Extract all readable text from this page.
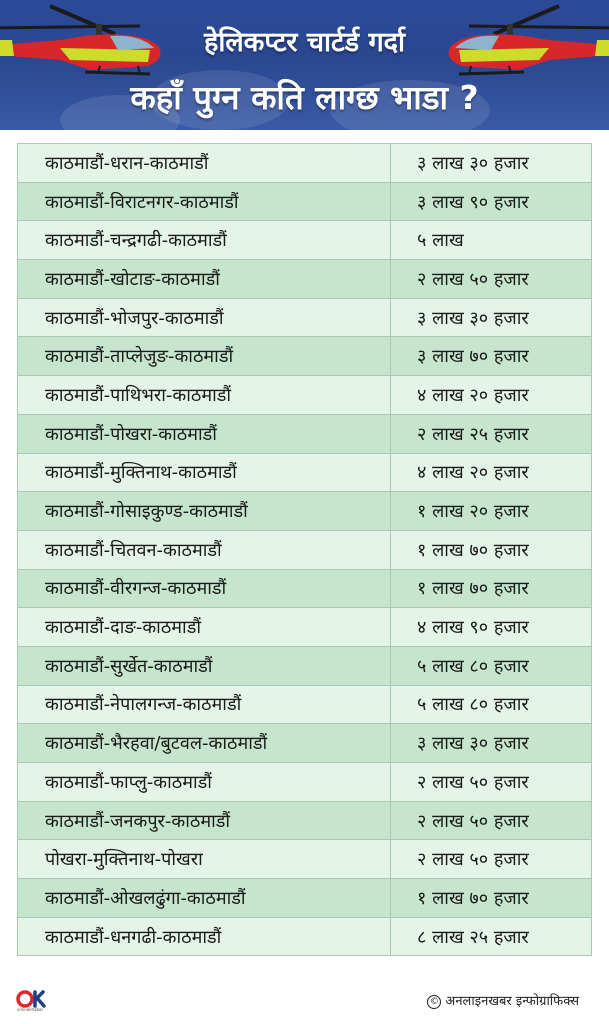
हेलिकप्टर चार्टर्ड गर्दा
कहाँ पुग्न कति लाग्छ भाडा ?
काठमाडौं-धरान-काठमाडौं	३ लाख ३० हजार
काठमाडौं-विराटनगर-काठमाडौं	३ लाख ९० हजार
काठमाडौं-चन्द्रगढी-काठमाडौं	५ लाख
काठमाडौं-खोटाङ-काठमाडौं	२ लाख ५० हजार
काठमाडौं-भोजपुर-काठमाडौं	३ लाख ३० हजार
काठमाडौं-ताप्लेजुङ-काठमाडौं	३ लाख ७० हजार
काठमाडौं-पाथिभरा-काठमाडौं	४ लाख २० हजार
काठमाडौं-पोखरा-काठमाडौं	२ लाख २५ हजार
काठमाडौं-मुक्तिनाथ-काठमाडौं	४ लाख २० हजार
काठमाडौं-गोसाइकुण्ड-काठमाडौं	१ लाख २० हजार
काठमाडौं-चितवन-काठमाडौं	१ लाख ७० हजार
काठमाडौं-वीरगन्ज-काठमाडौं	१ लाख ७० हजार
काठमाडौं-दाङ-काठमाडौं	४ लाख ९० हजार
काठमाडौं-सुर्खेत-काठमाडौं	५ लाख ८० हजार
काठमाडौं-नेपालगन्ज-काठमाडौं	५ लाख ८० हजार
काठमाडौं-भैरहवा/बुटवल-काठमाडौं	३ लाख ३० हजार
काठमाडौं-फाप्लु-काठमाडौं	२ लाख ५० हजार
काठमाडौं-जनकपुर-काठमाडौं	२ लाख ५० हजार
पोखरा-मुक्तिनाथ-पोखरा	२ लाख ५० हजार
काठमाडौं-ओखलढुंगा-काठमाडौं	१ लाख ७० हजार
काठमाडौं-धनगढी-काठमाडौं	८ लाख २५ हजार
onlinekhabar
© अनलाइनखबर इन्फोग्राफिक्स
